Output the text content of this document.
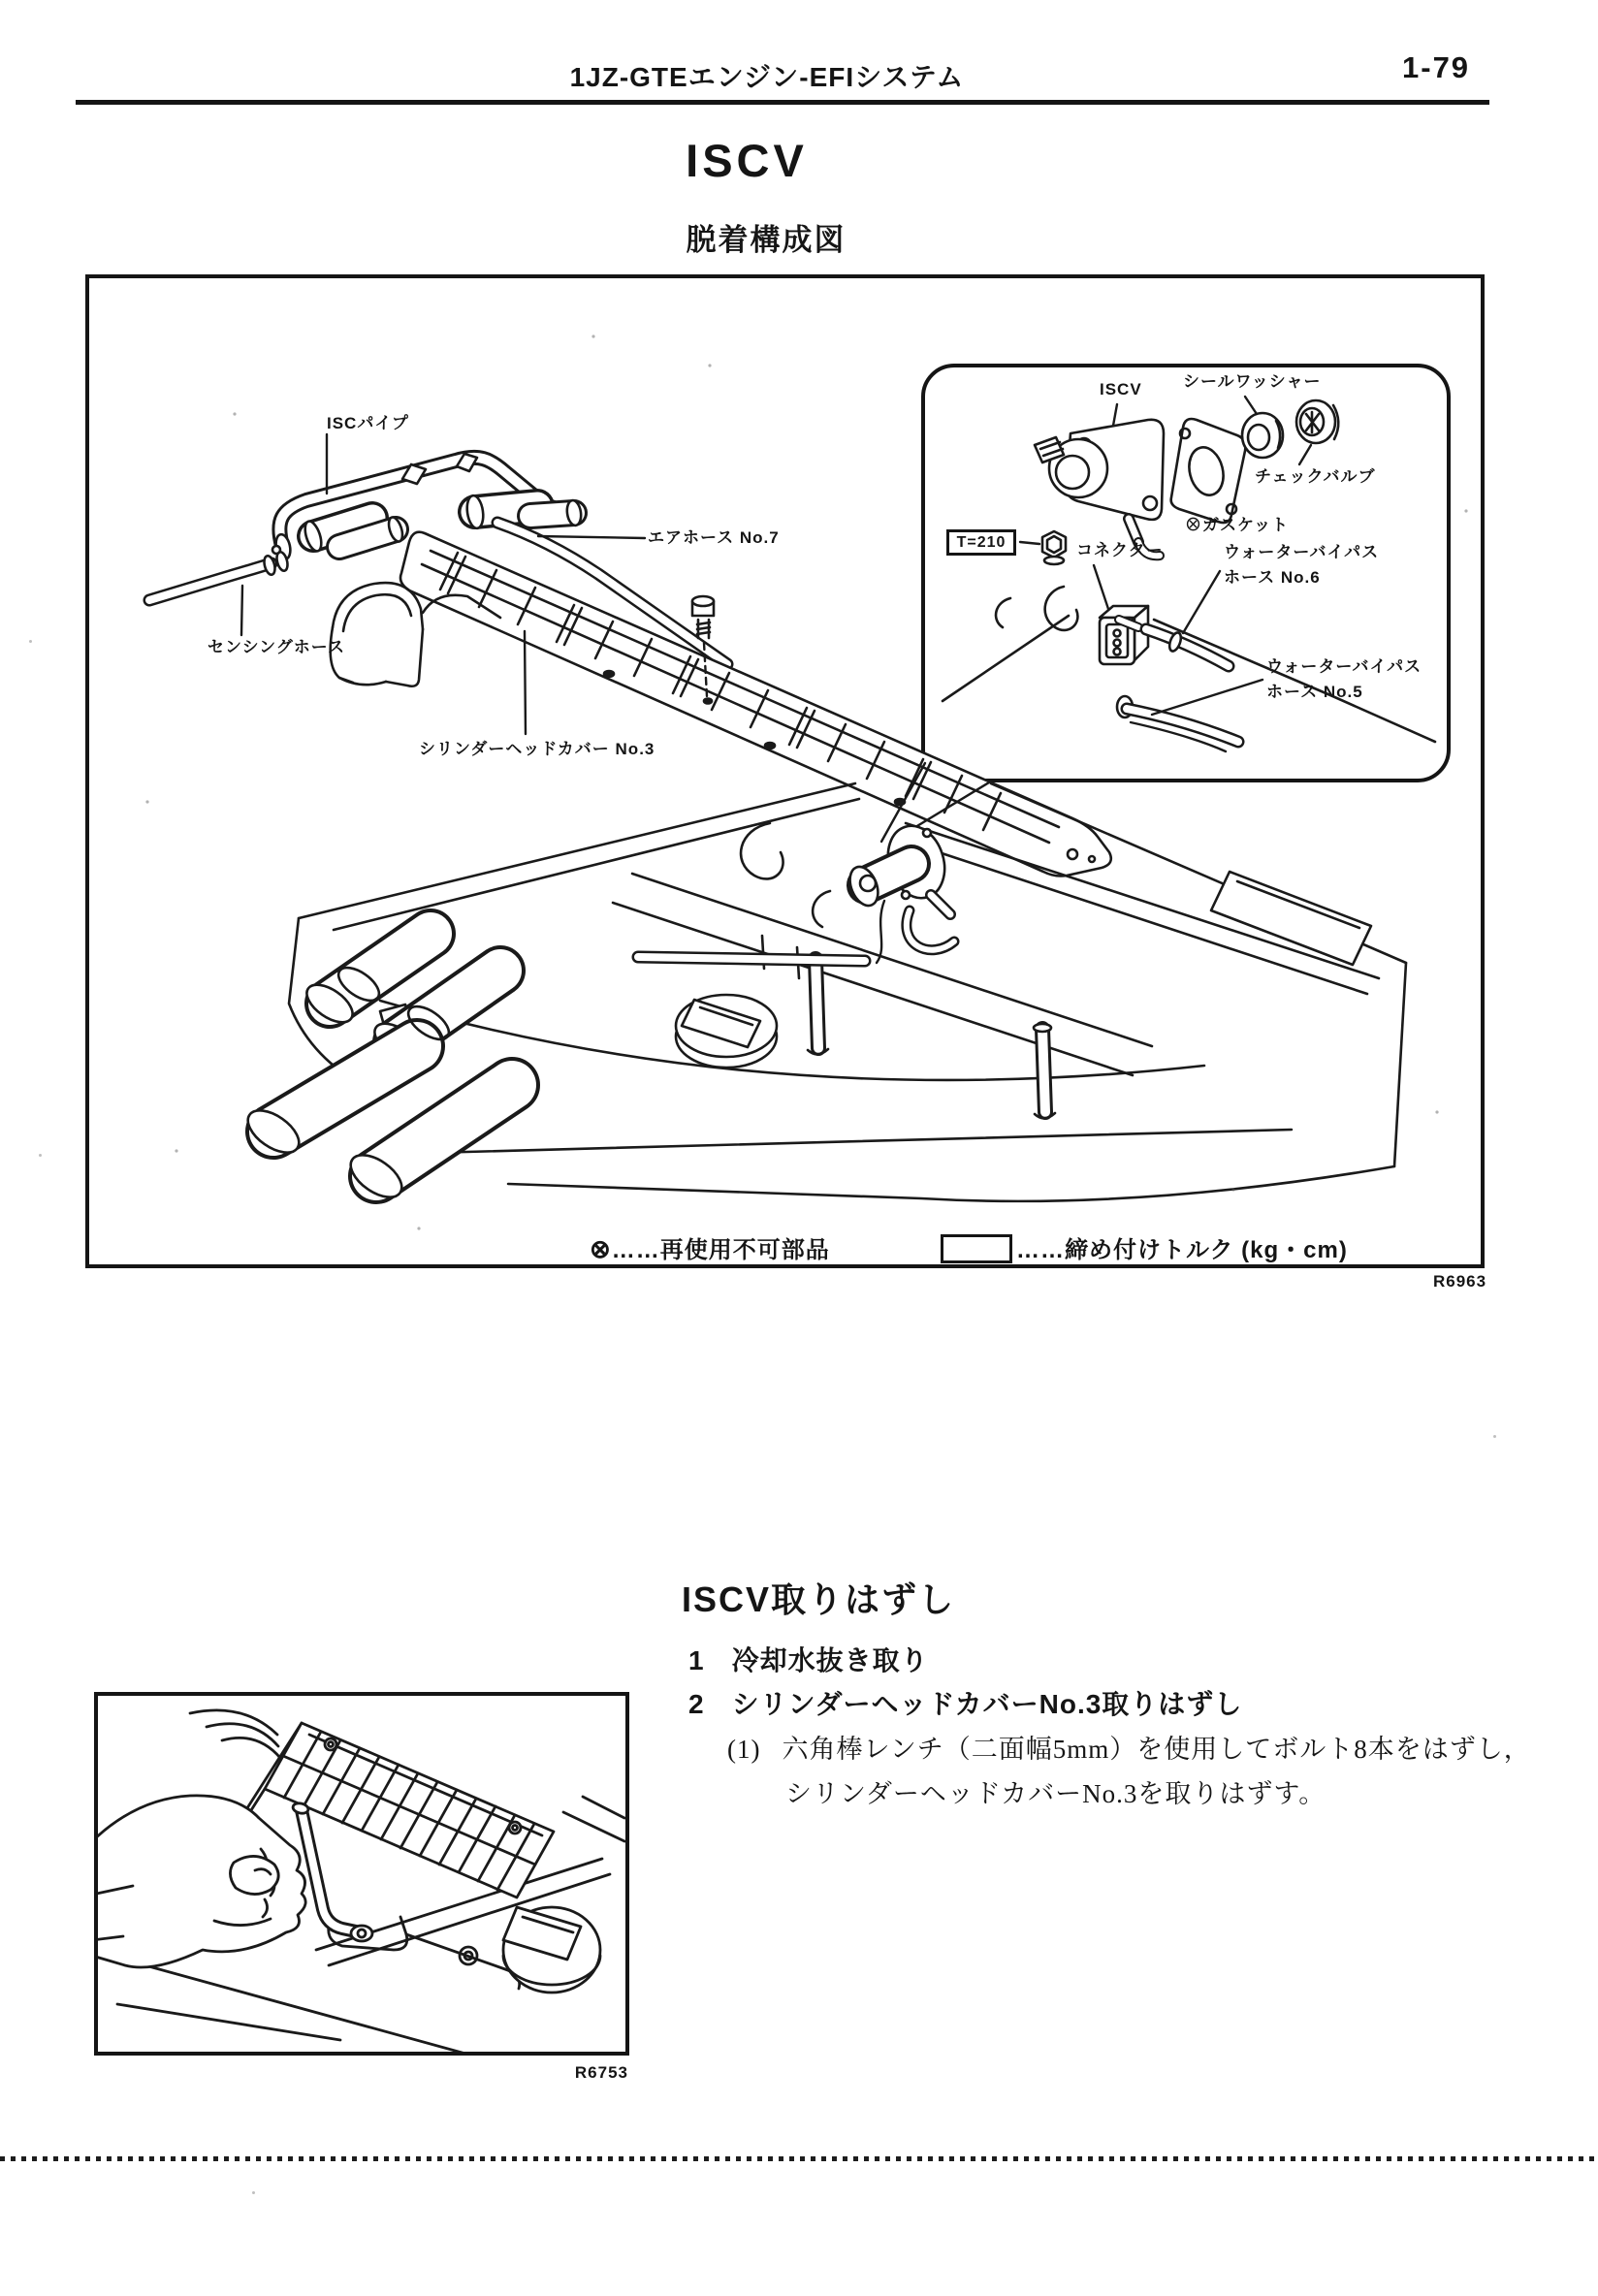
1JZ-GTEエンジン-EFIシステム	1-79
ISCV
脱着構成図
ISCパイプ
エアホース No.7
センシングホース
シリンダーヘッドカバー No.3
ISCV シールワッシャー
チェックバルブ
⊗ガスケット
T=210	コネクター	ウォーターバイパス
ホース No.6
ウォーターバイパス
ホース No.5
⊗……再使用不可部品	……締め付けトルク (kg・cm)
R6963
ISCV取りはずし
1 冷却水抜き取り
2 シリンダーヘッドカバーNo.3取りはずし
(1) 六角棒レンチ（二面幅5mm）を使用してボルト8本をはずし，
シリンダーヘッドカバーNo.3を取りはずす。
R6753
